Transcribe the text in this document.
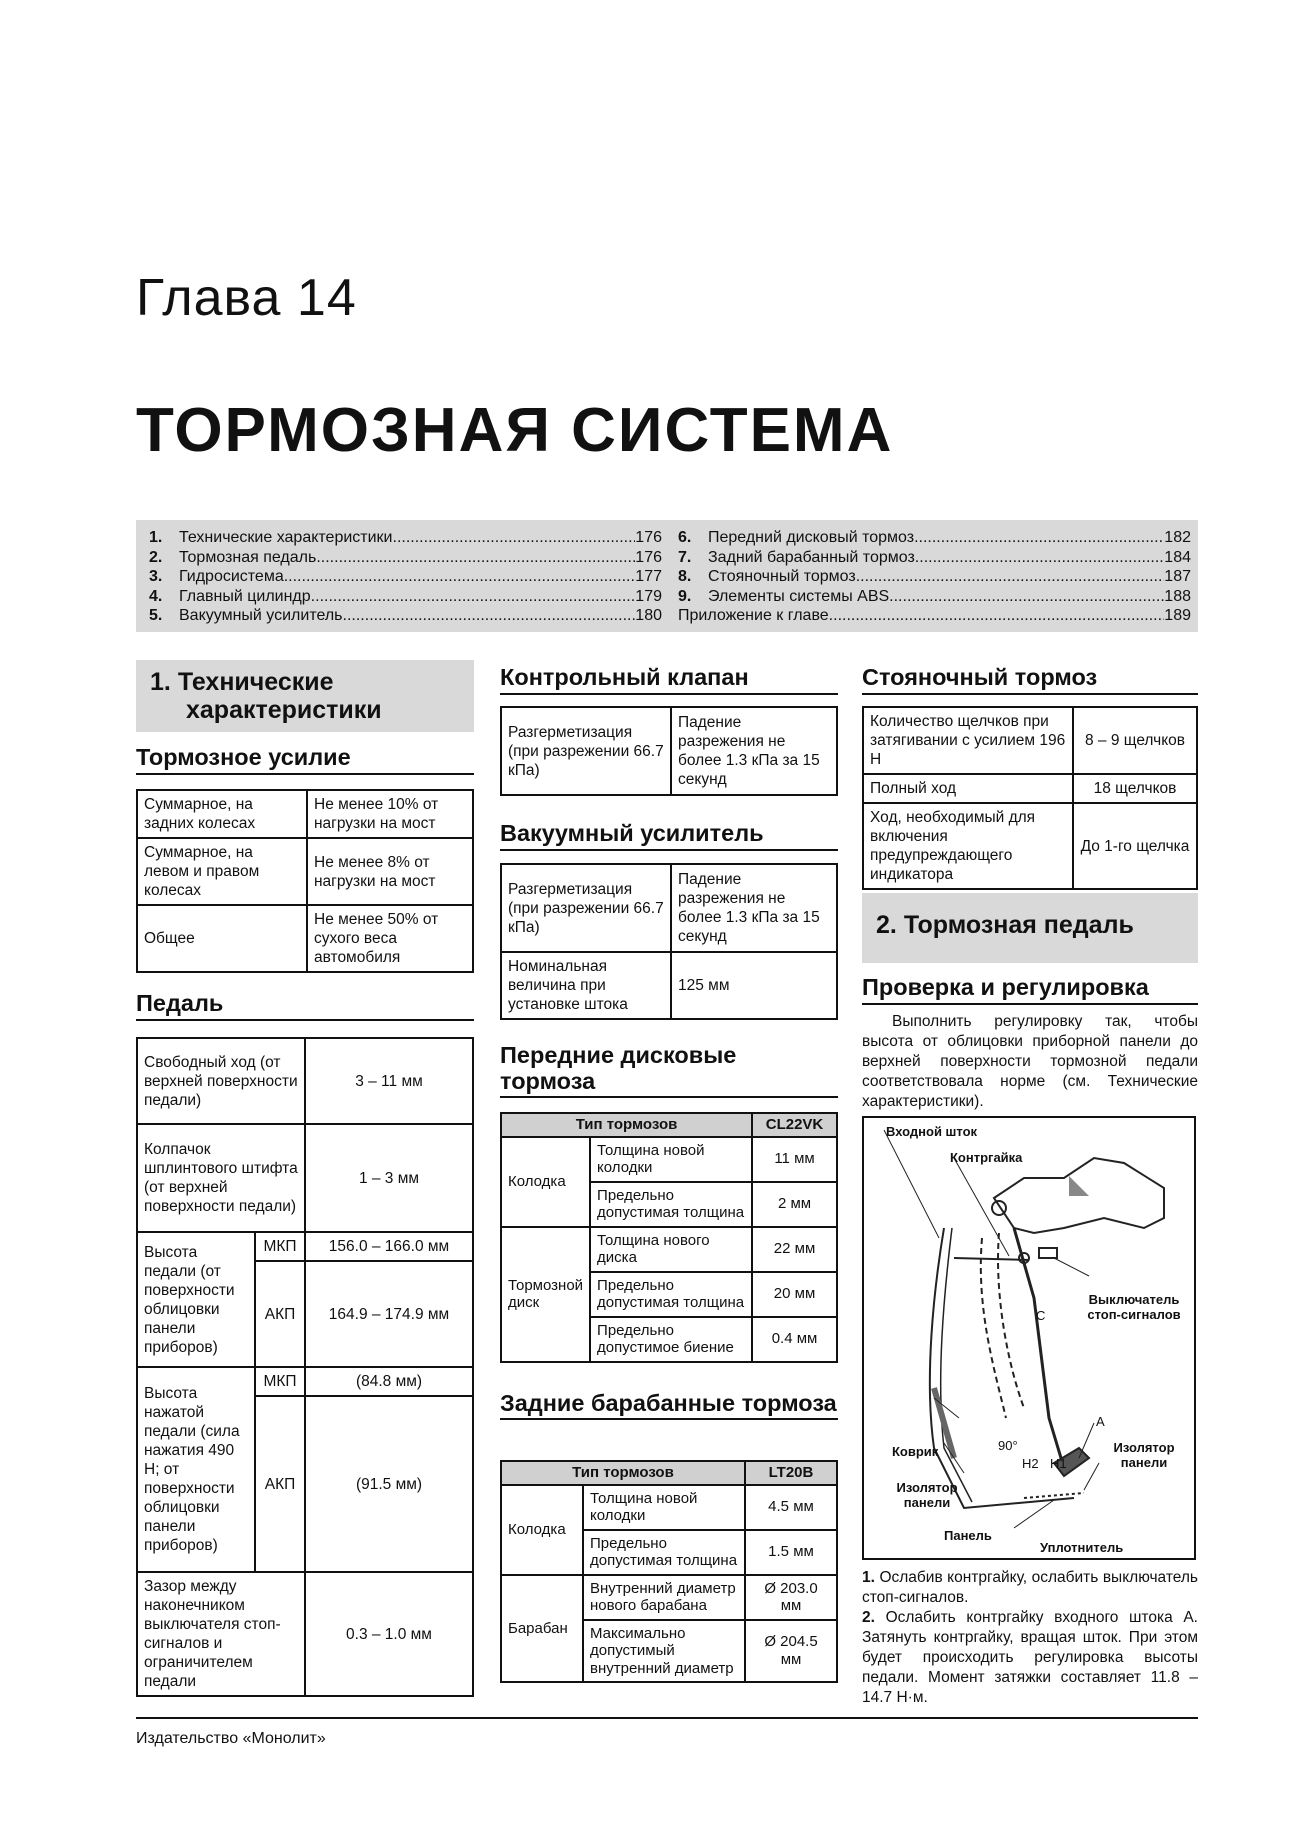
Глава 14
ТОРМОЗНАЯ СИСТЕМА
1.	Технические характеристики .....	176
2.	Тормозная педаль .....	176
3.	Гидросистема .....	177
4.	Главный цилиндр .....	179
5.	Вакуумный усилитель .....	180
6.	Передний дисковый тормоз .....	182
7.	Задний барабанный тормоз .....	184
8.	Стояночный тормоз .....	187
9.	Элементы системы ABS .....	188
Приложение к главе .....	189
1. Технические
характеристики
Тормозное усилие
Суммарное, на задних колесах	Не менее 10% от нагрузки на мост
Суммарное, на левом и правом колесах	Не менее 8% от нагрузки на мост
Общее	Не менее 50% от сухого веса автомобиля
Педаль
Свободный ход (от верхней поверхности педали)		3 – 11 мм
Колпачок шплинтового штифта (от верхней поверхности педали)		1 – 3 мм
Высота педали (от поверхности облицовки панели приборов)	МКП	156.0 – 166.0 мм
	АКП	164.9 – 174.9 мм
Высота нажатой педали (сила нажатия 490 Н; от поверхности облицовки панели приборов)	МКП	(84.8 мм)
	АКП	(91.5 мм)
Зазор между наконечником выключателя стоп-сигналов и ограничителем педали		0.3 – 1.0 мм
Контрольный клапан
Разгерметизация (при разрежении 66.7 кПа)	Падение разрежения не более 1.3 кПа за 15 секунд
Вакуумный усилитель
Разгерметизация (при разрежении 66.7 кПа)	Падение разрежения не более 1.3 кПа за 15 секунд
Номинальная величина при установке штока	125 мм
Передние дисковые тормоза
Тип тормозов		CL22VK
Колодка	Толщина новой колодки	11 мм
	Предельно допустимая толщина	2 мм
Тормозной диск	Толщина нового диска	22 мм
	Предельно допустимая толщина	20 мм
	Предельно допустимое биение	0.4 мм
Задние барабанные тормоза
Тип тормозов		LT20B
Колодка	Толщина новой колодки	4.5 мм
	Предельно допустимая толщина	1.5 мм
Барабан	Внутренний диаметр нового барабана	Ø 203.0 мм
	Максимально допустимый внутренний диаметр	Ø 204.5 мм
Стояночный тормоз
Количество щелчков при затягивании с усилием 196 Н	8 – 9 щелчков
Полный ход	18 щелчков
Ход, необходимый для включения предупреждающего индикатора	До 1-го щелчка
2. Тормозная педаль
Проверка и регулировка
Выполнить регулировку так, чтобы высота от облицовки приборной панели до верхней поверхности тормозной педали соответствовала норме (см. Технические характеристики).
Входной шток
Контргайка
Выключатель стоп-сигналов
C
A
90°
H2 H1
Коврик	Изолятор панели
Изолятор панели
Панель
Уплотнитель
1. Ослабив контргайку, ослабить выключатель стоп-сигналов.
2. Ослабить контргайку входного штока А. Затянуть контргайку, вращая шток. При этом будет происходить регулировка высоты педали. Момент затяжки составляет 11.8 – 14.7 Н·м.
Издательство «Монолит»
